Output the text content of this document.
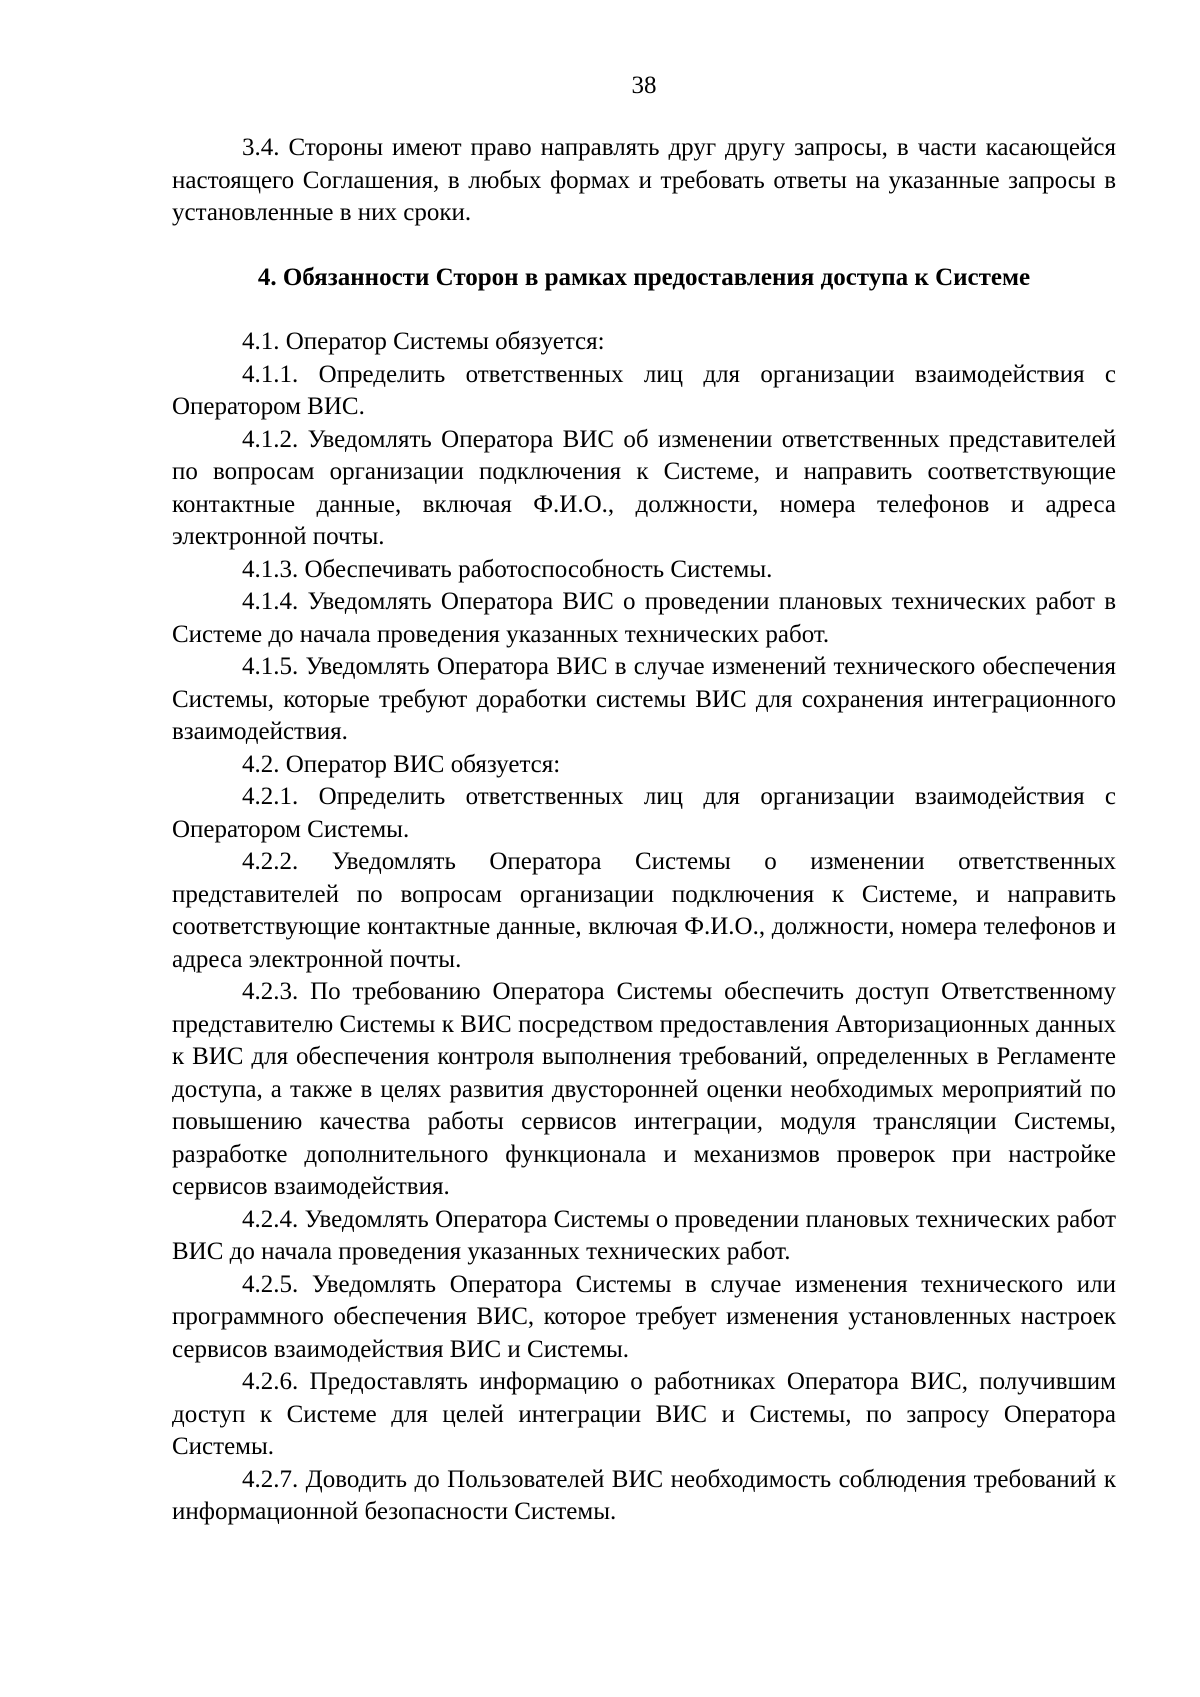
38

3.4. Стороны имеют право направлять друг другу запросы, в части касающейся настоящего Соглашения, в любых формах и требовать ответы на указанные запросы в установленные в них сроки.

4. Обязанности Сторон в рамках предоставления доступа к Системе

4.1. Оператор Системы обязуется:

4.1.1. Определить ответственных лиц для организации взаимодействия с Оператором ВИС.

4.1.2. Уведомлять Оператора ВИС об изменении ответственных представителей по вопросам организации подключения к Системе, и направить соответствующие контактные данные, включая Ф.И.О., должности, номера телефонов и адреса электронной почты.

4.1.3. Обеспечивать работоспособность Системы.

4.1.4. Уведомлять Оператора ВИС о проведении плановых технических работ в Системе до начала проведения указанных технических работ.

4.1.5. Уведомлять Оператора ВИС в случае изменений технического обеспечения Системы, которые требуют доработки системы ВИС для сохранения интеграционного взаимодействия.

4.2. Оператор ВИС обязуется:

4.2.1. Определить ответственных лиц для организации взаимодействия с Оператором Системы.

4.2.2. Уведомлять Оператора Системы о изменении ответственных представителей по вопросам организации подключения к Системе, и направить соответствующие контактные данные, включая Ф.И.О., должности, номера телефонов и адреса электронной почты.

4.2.3. По требованию Оператора Системы обеспечить доступ Ответственному представителю Системы к ВИС посредством предоставления Авторизационных данных к ВИС для обеспечения контроля выполнения требований, определенных в Регламенте доступа, а также в целях развития двусторонней оценки необходимых мероприятий по повышению качества работы сервисов интеграции, модуля трансляции Системы, разработке дополнительного функционала и механизмов проверок при настройке сервисов взаимодействия.

4.2.4. Уведомлять Оператора Системы о проведении плановых технических работ ВИС до начала проведения указанных технических работ.

4.2.5. Уведомлять Оператора Системы в случае изменения технического или программного обеспечения ВИС, которое требует изменения установленных настроек сервисов взаимодействия ВИС и Системы.

4.2.6. Предоставлять информацию о работниках Оператора ВИС, получившим доступ к Системе для целей интеграции ВИС и Системы, по запросу Оператора Системы.

4.2.7. Доводить до Пользователей ВИС необходимость соблюдения требований к информационной безопасности Системы.
